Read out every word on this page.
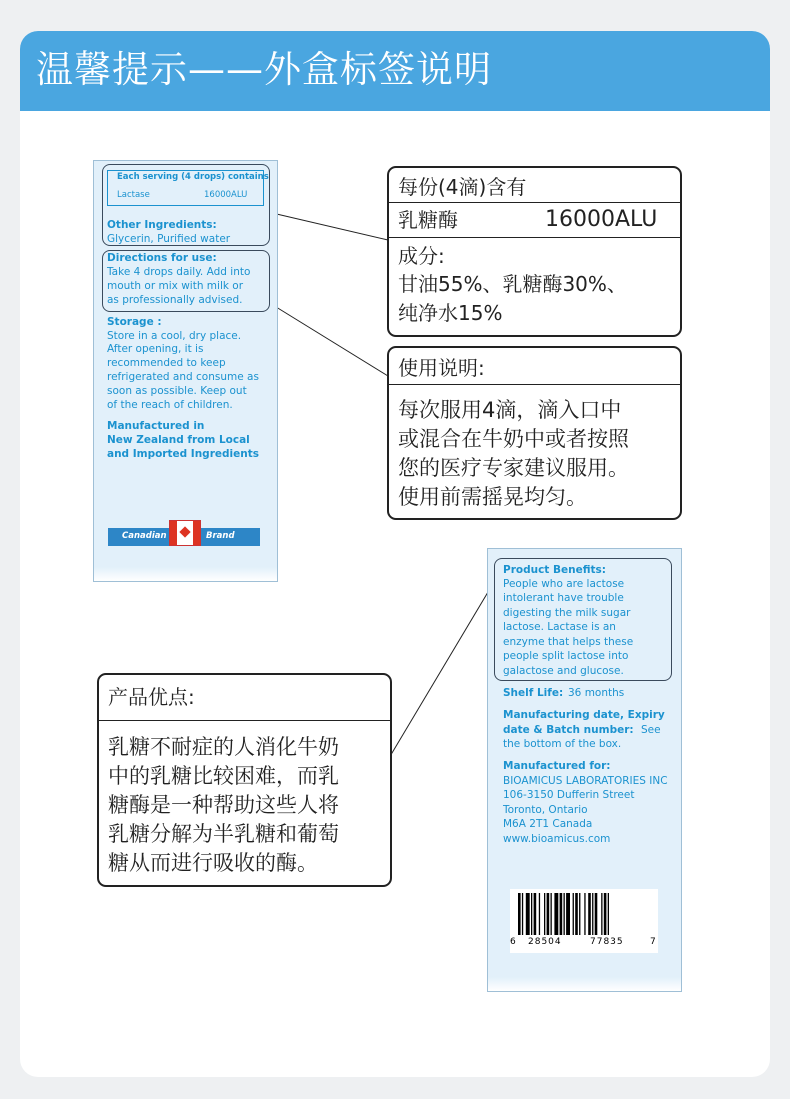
温馨提示——外盒标签说明
Each serving (4 drops) contains
Lactase	16000ALU
Other Ingredients:
Glycerin, Purified water
Directions for use:
Take 4 drops daily. Add into
mouth or mix with milk or
as professionally advised.
Storage :
Store in a cool, dry place.
After opening, it is
recommended to keep
refrigerated and consume as
soon as possible. Keep out
of the reach of children.
Manufactured in
New Zealand from Local
and Imported Ingredients
Canadian	Brand
Product Benefits:
People who are lactose
intolerant have trouble
digesting the milk sugar
lactose. Lactase is an
enzyme that helps these
people split lactose into
galactose and glucose.
Shelf Life: 36 months
Manufacturing date, Expiry
date & Batch number: See
the bottom of the box.
Manufactured for:
BIOAMICUS LABORATORIES INC
106-3150 Dufferin Street
Toronto, Ontario
M6A 2T1 Canada
www.bioamicus.com
6 28504	77835	7
每份(4滴)含有
乳糖酶	16000ALU
成分:
甘油55%、乳糖酶30%、
纯净水15%
使用说明:
每次服用4滴，滴入口中
或混合在牛奶中或者按照
您的医疗专家建议服用。
使用前需摇晃均匀。
产品优点:
乳糖不耐症的人消化牛奶
中的乳糖比较困难，而乳
糖酶是一种帮助这些人将
乳糖分解为半乳糖和葡萄
糖从而进行吸收的酶。
